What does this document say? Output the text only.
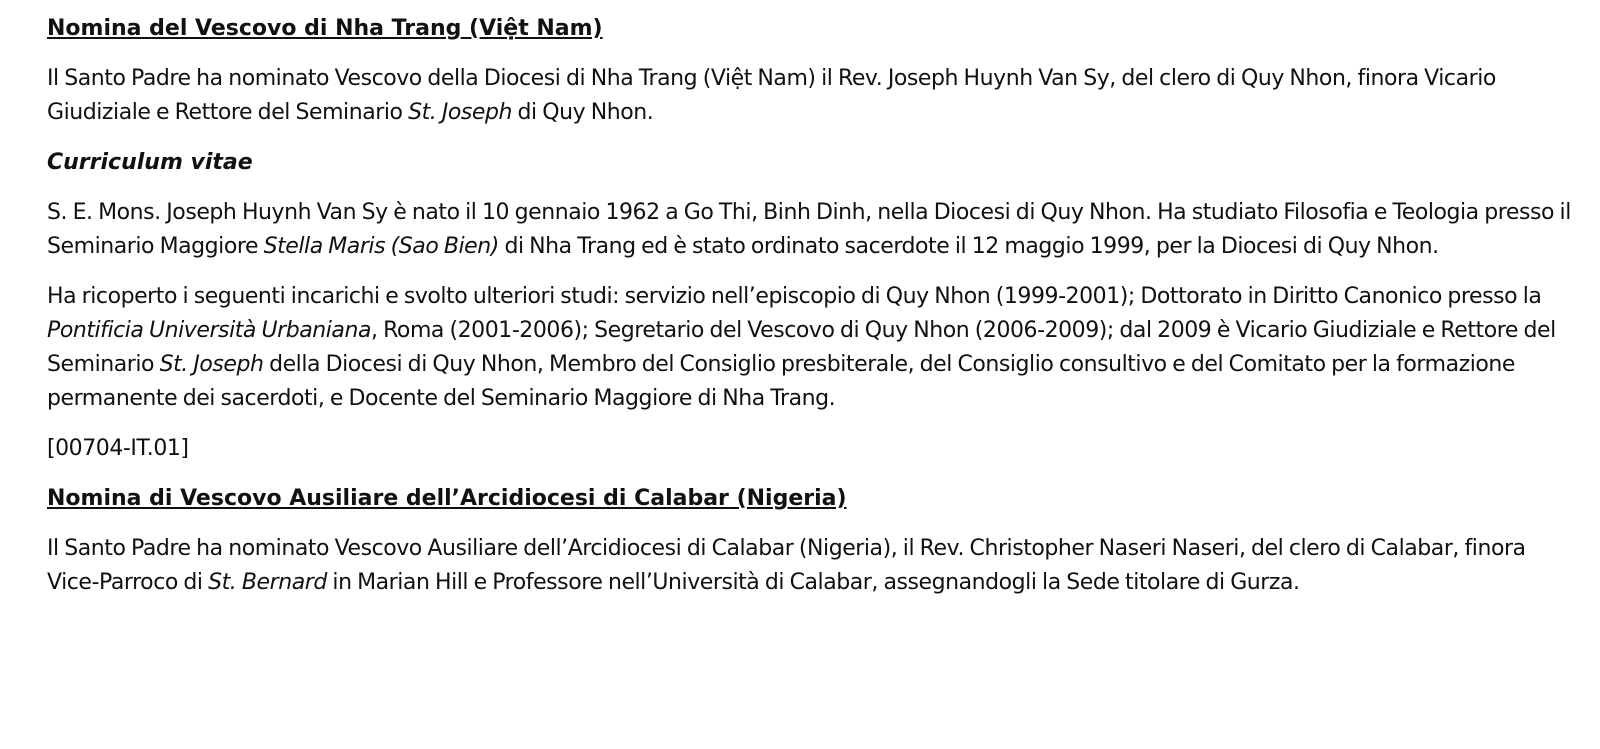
Nomina del Vescovo di Nha Trang (Việt Nam)

Il Santo Padre ha nominato Vescovo della Diocesi di Nha Trang (Việt Nam) il Rev. Joseph Huynh Van Sy, del clero di Quy Nhon, finora Vicario Giudiziale e Rettore del Seminario St. Joseph di Quy Nhon.

Curriculum vitae

S. E. Mons. Joseph Huynh Van Sy è nato il 10 gennaio 1962 a Go Thi, Binh Dinh, nella Diocesi di Quy Nhon. Ha studiato Filosofia e Teologia presso il Seminario Maggiore Stella Maris (Sao Bien) di Nha Trang ed è stato ordinato sacerdote il 12 maggio 1999, per la Diocesi di Quy Nhon.

Ha ricoperto i seguenti incarichi e svolto ulteriori studi: servizio nell’episcopio di Quy Nhon (1999-2001); Dottorato in Diritto Canonico presso la Pontificia Università Urbaniana, Roma (2001-2006); Segretario del Vescovo di Quy Nhon (2006-2009); dal 2009 è Vicario Giudiziale e Rettore del Seminario St. Joseph della Diocesi di Quy Nhon, Membro del Consiglio presbiterale, del Consiglio consultivo e del Comitato per la formazione permanente dei sacerdoti, e Docente del Seminario Maggiore di Nha Trang.

[00704-IT.01]

Nomina di Vescovo Ausiliare dell’Arcidiocesi di Calabar (Nigeria)

Il Santo Padre ha nominato Vescovo Ausiliare dell’Arcidiocesi di Calabar (Nigeria), il Rev. Christopher Naseri Naseri, del clero di Calabar, finora Vice-Parroco di St. Bernard in Marian Hill e Professore nell’Università di Calabar, assegnandogli la Sede titolare di Gurza.
